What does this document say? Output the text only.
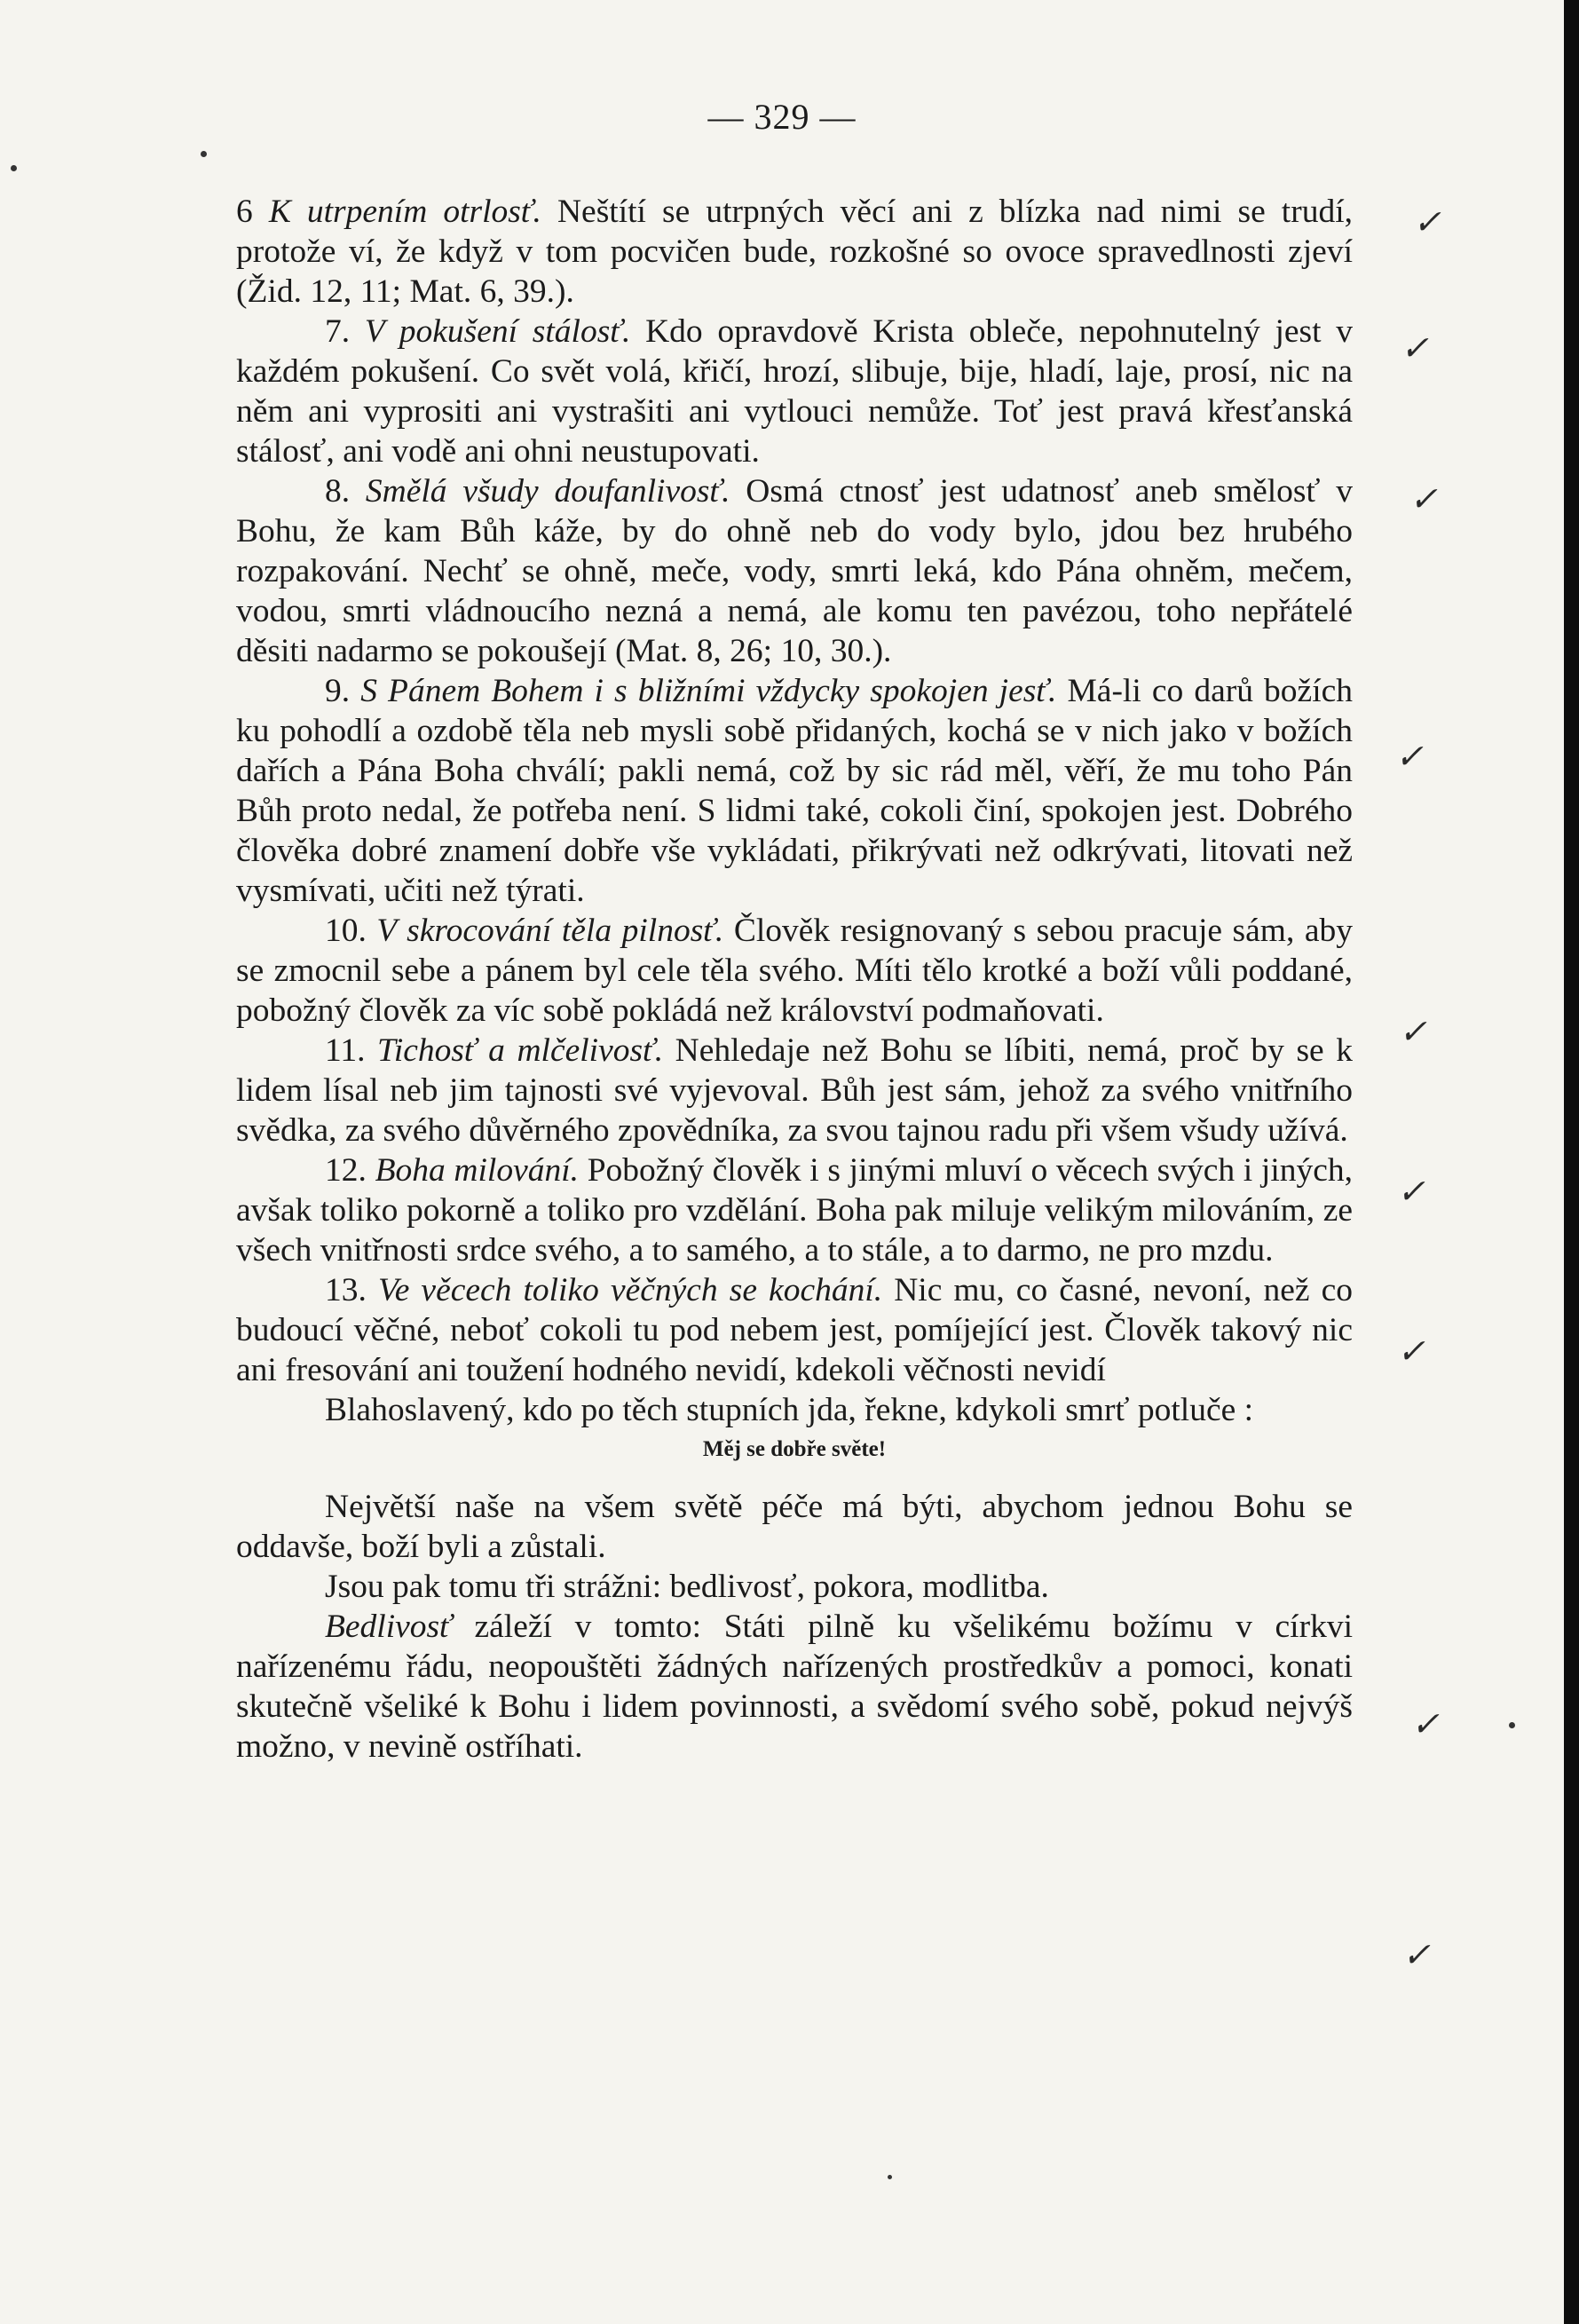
— 329 —

6 K utrpením otrlosť. Neštítí se utrpných věcí ani z blízka nad nimi se trudí, protože ví, že když v tom pocvičen bude, rozkošné so ovoce spravedlnosti zjeví (Žid. 12, 11; Mat. 6, 39.).

7. V pokušení stálosť. Kdo opravdově Krista obleče, nepohnutelný jest v každém pokušení. Co svět volá, křičí, hrozí, slibuje, bije, hladí, laje, prosí, nic na něm ani vyprositi ani vystrašiti ani vytlouci nemůže. Toť jest pravá křesťanská stálosť, ani vodě ani ohni neustupovati.

8. Smělá všudy doufanlivosť. Osmá ctnosť jest udatnosť aneb smělosť v Bohu, že kam Bůh káže, by do ohně neb do vody bylo, jdou bez hrubého rozpakování. Nechť se ohně, meče, vody, smrti leká, kdo Pána ohněm, mečem, vodou, smrti vládnoucího nezná a nemá, ale komu ten pavézou, toho nepřátelé děsiti nadarmo se pokoušejí (Mat. 8, 26; 10, 30.).

9. S Pánem Bohem i s bližními vždycky spokojen jesť. Má-li co darů božích ku pohodlí a ozdobě těla neb mysli sobě přidaných, kochá se v nich jako v božích dařích a Pána Boha chválí; pakli nemá, což by sic rád měl, věří, že mu toho Pán Bůh proto nedal, že potřeba není. S lidmi také, cokoli činí, spokojen jest. Dobrého člověka dobré znamení dobře vše vykládati, přikrývati než odkrývati, litovati než vysmívati, učiti než týrati.

10. V skrocování těla pilnosť. Člověk resignovaný s sebou pracuje sám, aby se zmocnil sebe a pánem byl cele těla svého. Míti tělo krotké a boží vůli poddané, pobožný člověk za víc sobě pokládá než království podmaňovati.

11. Tichosť a mlčelivosť. Nehledaje než Bohu se líbiti, nemá, proč by se k lidem lísal neb jim tajnosti své vyjevoval. Bůh jest sám, jehož za svého vnitřního svědka, za svého důvěrného zpovědníka, za svou tajnou radu při všem všudy užívá.

12. Boha milování. Pobožný člověk i s jinými mluví o věcech svých i jiných, avšak toliko pokorně a toliko pro vzdělání. Boha pak miluje velikým milováním, ze všech vnitřnosti srdce svého, a to samého, a to stále, a to darmo, ne pro mzdu.

13. Ve věcech toliko věčných se kochání. Nic mu, co časné, nevoní, než co budoucí věčné, neboť cokoli tu pod nebem jest, pomíjející jest. Člověk takový nic ani fresování ani toužení hodného nevidí, kdekoli věčnosti nevidí

Blahoslavený, kdo po těch stupních jda, řekne, kdykoli smrť potluče :

Měj se dobře světe!

Největší naše na všem světě péče má býti, abychom jednou Bohu se oddavše, boží byli a zůstali.

Jsou pak tomu tři strážni: bedlivosť, pokora, modlitba.

Bedlivosť záleží v tomto: Státi pilně ku všelikému božímu v církvi nařízenému řádu, neopouštěti žádných nařízených prostředkův a pomoci, konati skutečně všeliké k Bohu i lidem povinnosti, a svědomí svého sobě, pokud nejvýš možno, v nevině ostříhati.

✓
✓
✓
✓
✓
✓
✓
✓
✓
